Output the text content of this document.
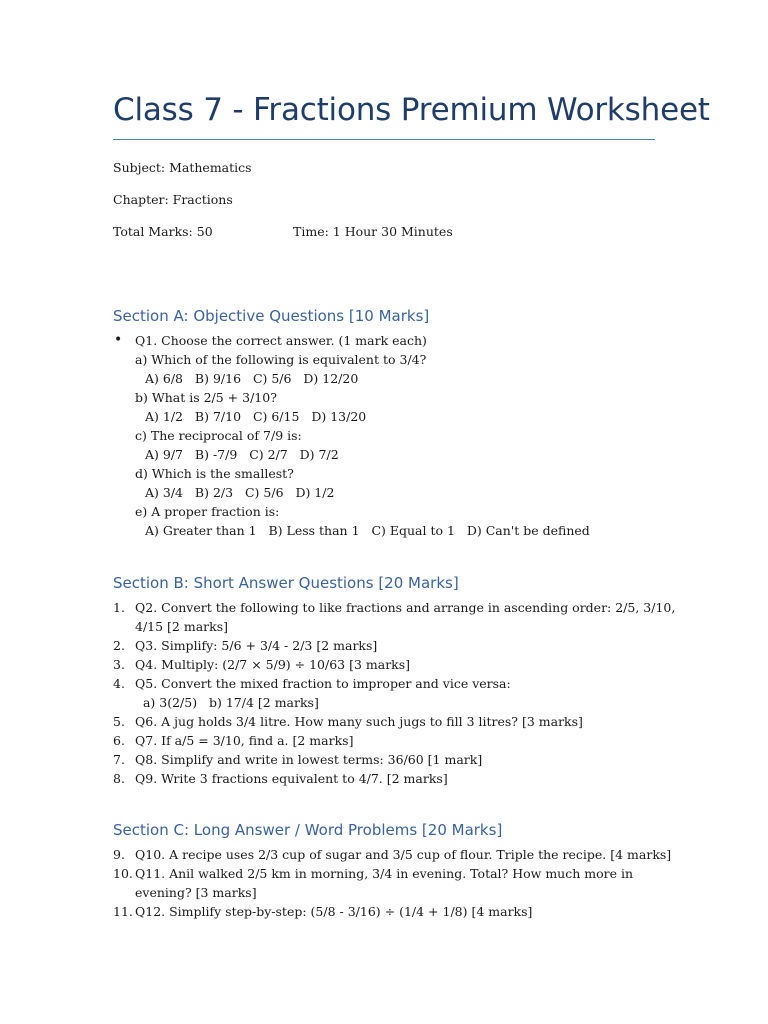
Class 7 - Fractions Premium Worksheet
Subject: Mathematics
Chapter: Fractions
Total Marks: 50	Time: 1 Hour 30 Minutes
Section A: Objective Questions [10 Marks]
• Q1. Choose the correct answer. (1 mark each)
a) Which of the following is equivalent to 3/4?
A) 6/8   B) 9/16   C) 5/6   D) 12/20
b) What is 2/5 + 3/10?
A) 1/2   B) 7/10   C) 6/15   D) 13/20
c) The reciprocal of 7/9 is:
A) 9/7   B) -7/9   C) 2/7   D) 7/2
d) Which is the smallest?
A) 3/4   B) 2/3   C) 5/6   D) 1/2
e) A proper fraction is:
A) Greater than 1   B) Less than 1   C) Equal to 1   D) Can't be defined
Section B: Short Answer Questions [20 Marks]
1. Q2. Convert the following to like fractions and arrange in ascending order: 2/5, 3/10,
4/15 [2 marks]
2. Q3. Simplify: 5/6 + 3/4 - 2/3 [2 marks]
3. Q4. Multiply: (2/7 × 5/9) ÷ 10/63 [3 marks]
4. Q5. Convert the mixed fraction to improper and vice versa:
a) 3(2/5)   b) 17/4 [2 marks]
5. Q6. A jug holds 3/4 litre. How many such jugs to fill 3 litres? [3 marks]
6. Q7. If a/5 = 3/10, find a. [2 marks]
7. Q8. Simplify and write in lowest terms: 36/60 [1 mark]
8. Q9. Write 3 fractions equivalent to 4/7. [2 marks]
Section C: Long Answer / Word Problems [20 Marks]
9. Q10. A recipe uses 2/3 cup of sugar and 3/5 cup of flour. Triple the recipe. [4 marks]
10. Q11. Anil walked 2/5 km in morning, 3/4 in evening. Total? How much more in
evening? [3 marks]
11. Q12. Simplify step-by-step: (5/8 - 3/16) ÷ (1/4 + 1/8) [4 marks]
